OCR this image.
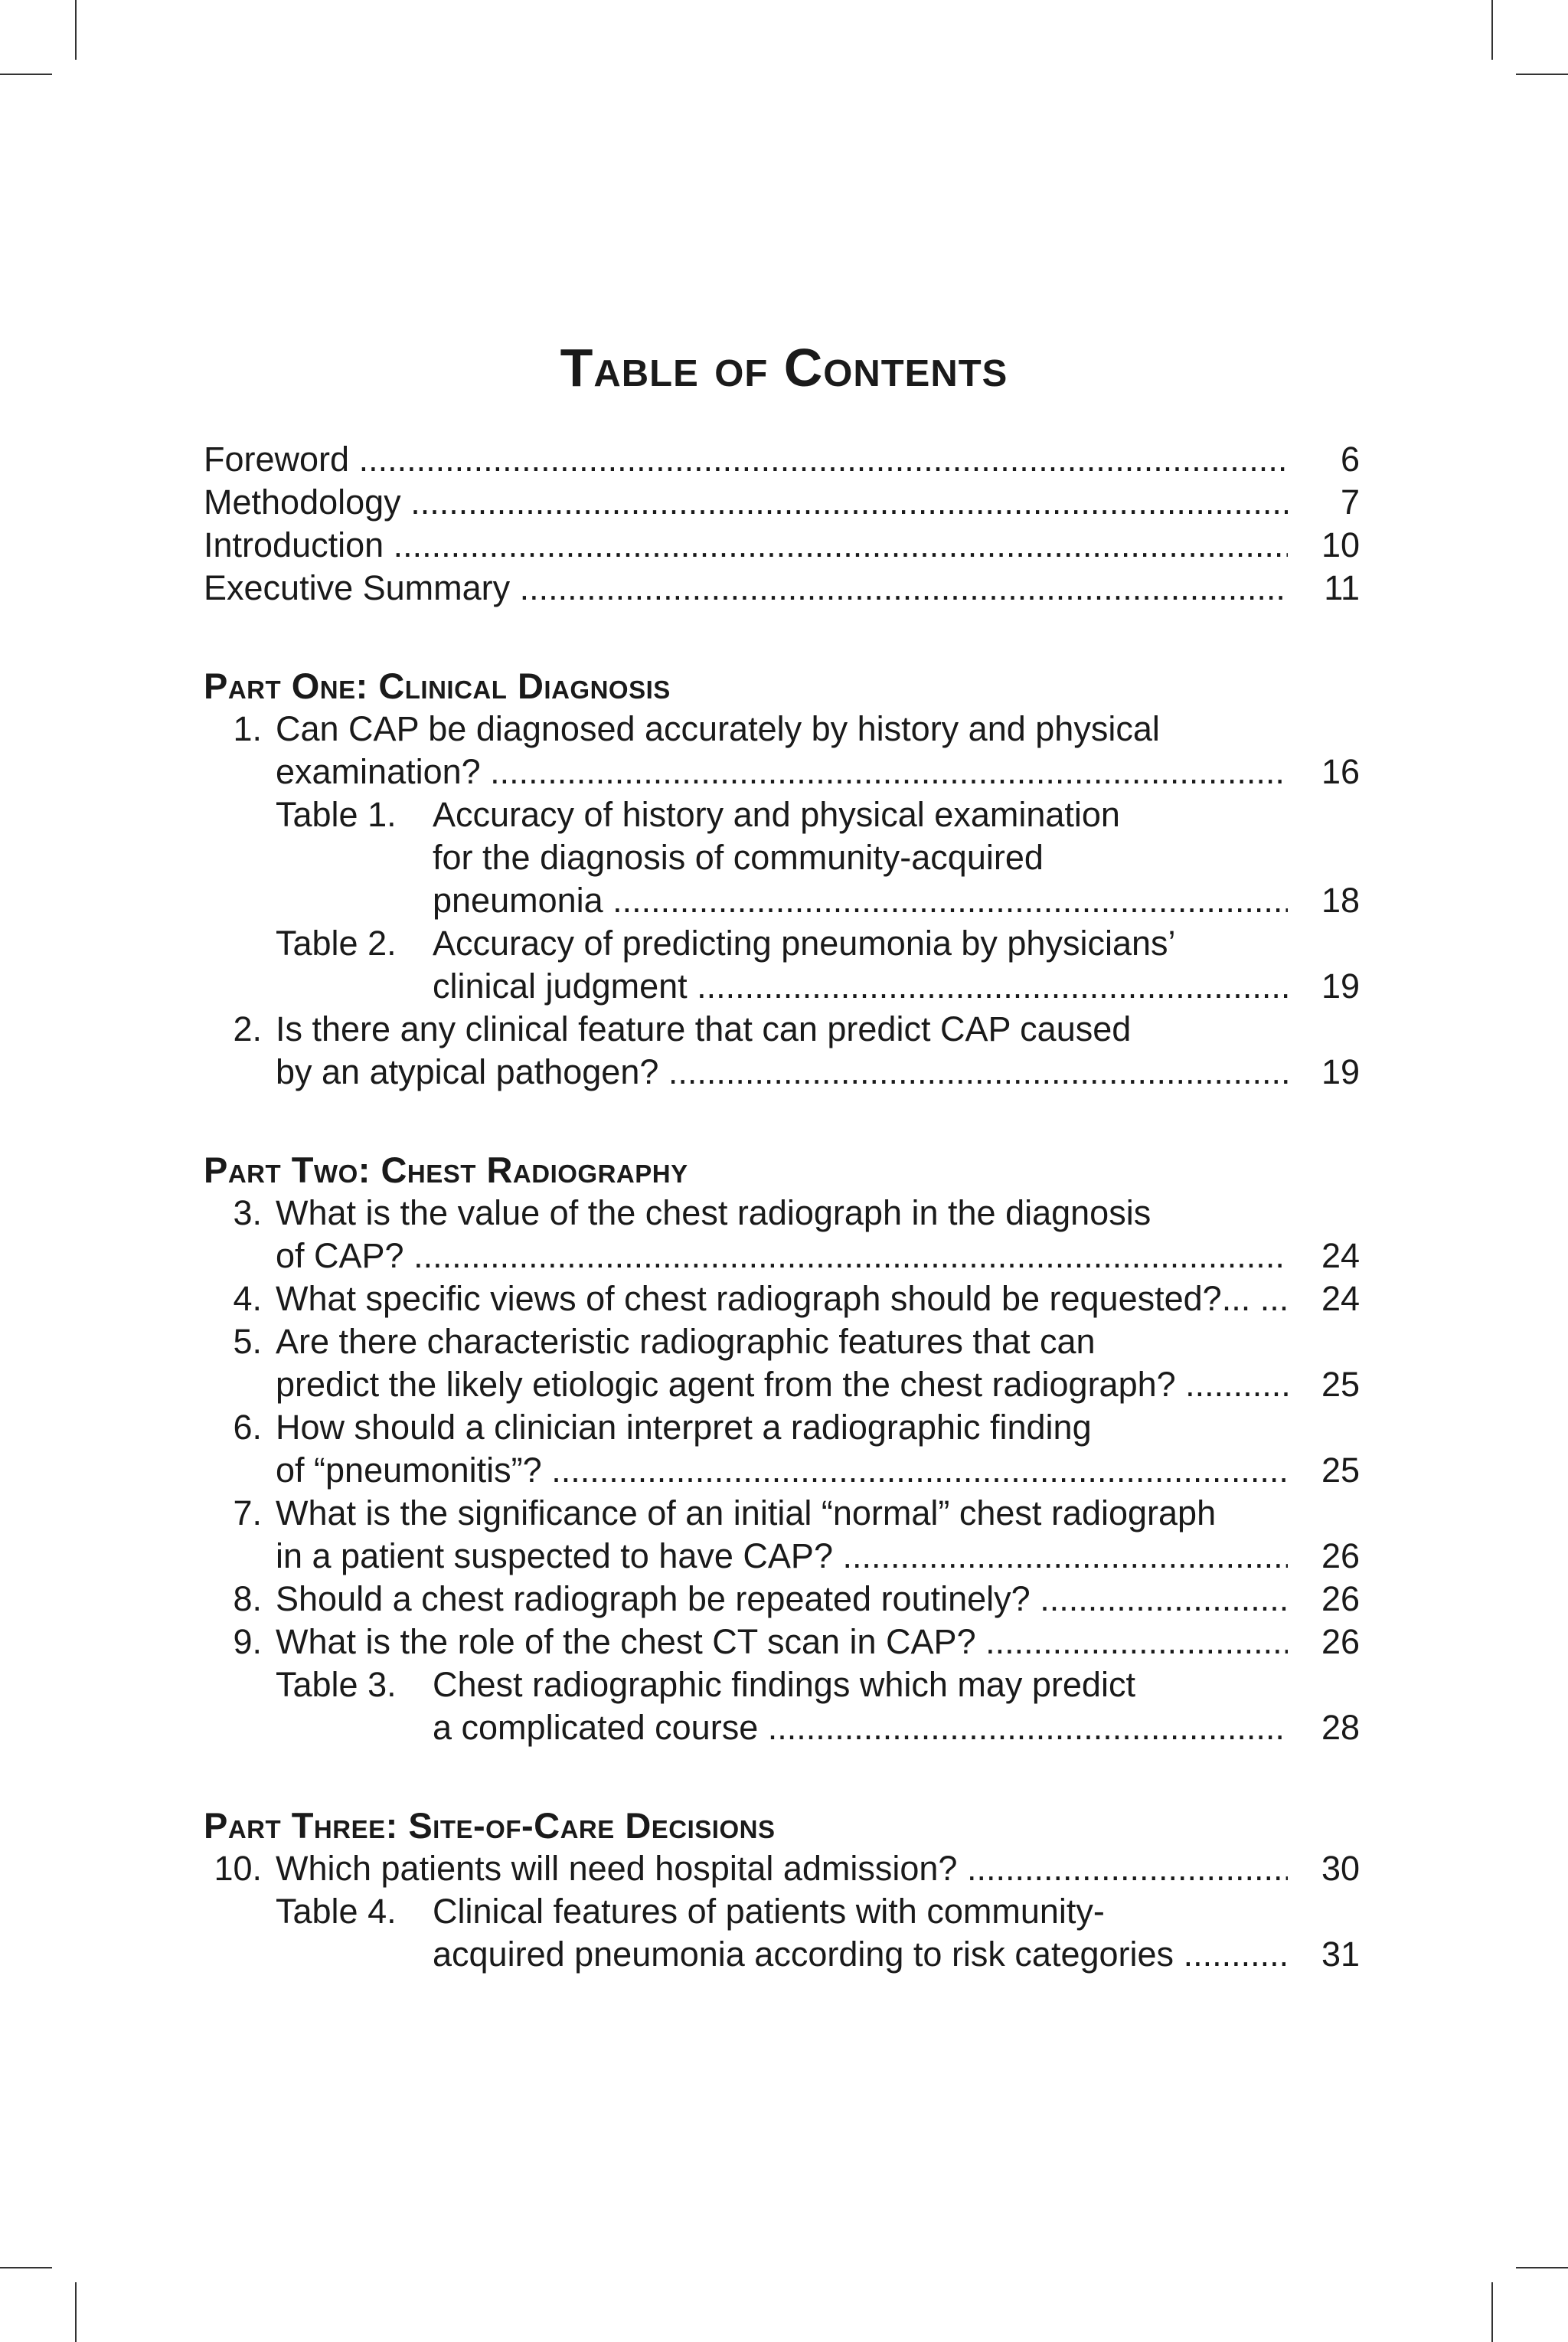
Table of Contents
Foreword .....	6
Methodology .....	7
Introduction .....	10
Executive Summary .....	11
Part One: Clinical Diagnosis
1. Can CAP be diagnosed accurately by history and physical
examination? .....	16
Table 1.	Accuracy of history and physical examination
for the diagnosis of community-acquired
pneumonia .....	18
Table 2.	Accuracy of predicting pneumonia by physicians’
clinical judgment .....	19
2. Is there any clinical feature that can predict CAP caused
by an atypical pathogen? .....	19
Part Two: Chest Radiography
3. What is the value of the chest radiograph in the diagnosis
of CAP? .....	24
4. What specific views of chest radiograph should be requested?... .....	24
5. Are there characteristic radiographic features that can
predict the likely etiologic agent from the chest radiograph? .....	25
6. How should a clinician interpret a radiographic finding
of “pneumonitis”? .....	25
7. What is the significance of an initial “normal” chest radiograph
in a patient suspected to have CAP? .....	26
8. Should a chest radiograph be repeated routinely? .....	26
9. What is the role of the chest CT scan in CAP? .....	26
Table 3.	Chest radiographic findings which may predict
a complicated course .....	28
Part Three: Site-of-Care Decisions
10. Which patients will need hospital admission? .....	30
Table 4.	Clinical features of patients with community-
acquired pneumonia according to risk categories .....	31
